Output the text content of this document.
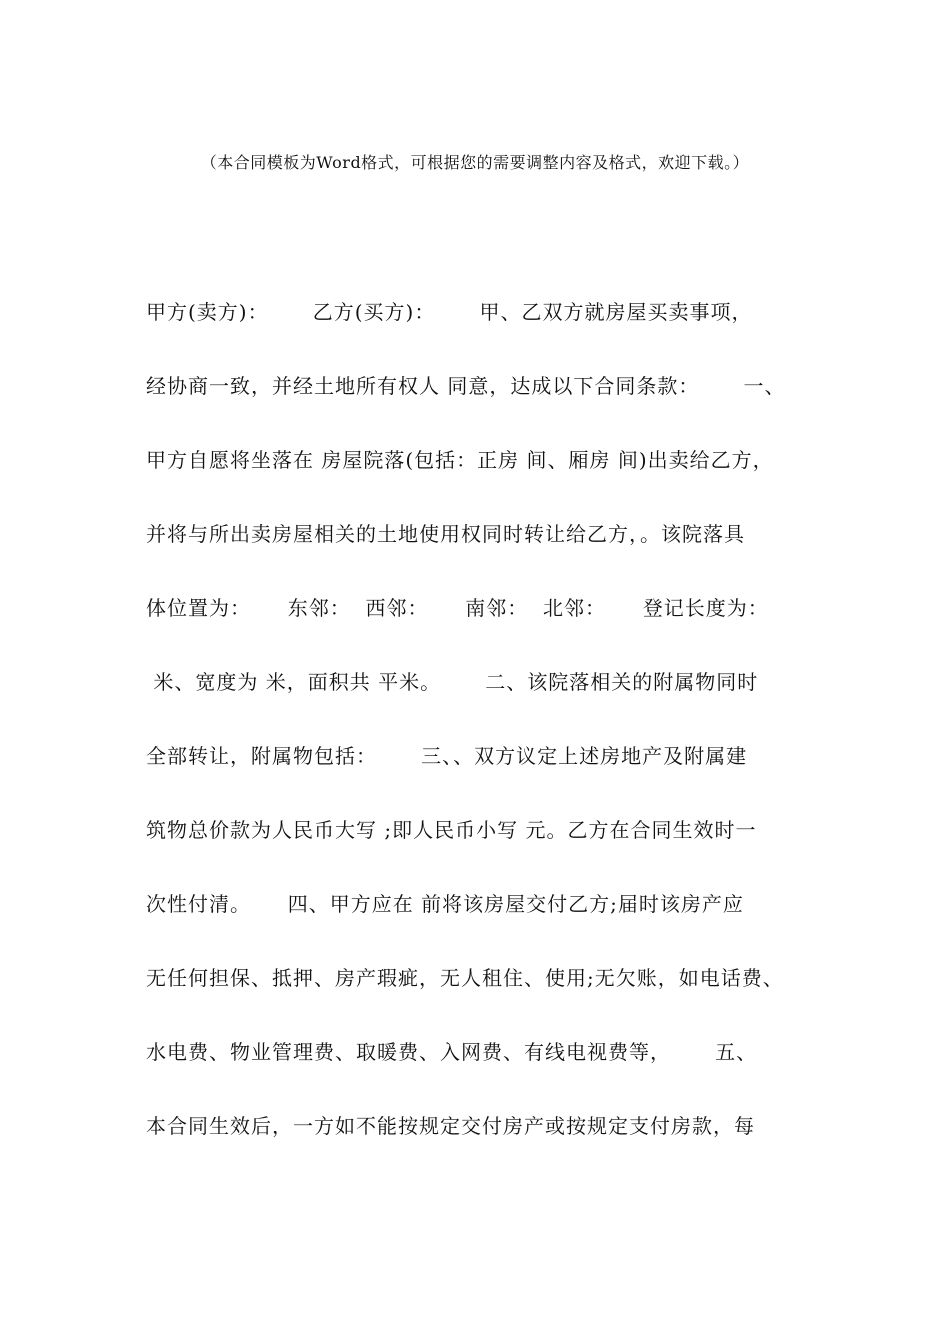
（本合同模板为Word格式，可根据您的需要调整内容及格式，欢迎下载。）
甲方(卖方)：      乙方(买方)：      甲、乙双方就房屋买卖事项，
经协商一致，并经土地所有权人 同意，达成以下合同条款：      一、
甲方自愿将坐落在 房屋院落(包括：正房 间、厢房 间)出卖给乙方，
并将与所出卖房屋相关的土地使用权同时转让给乙方，。该院落具
体位置为：     东邻：  西邻：     南邻：  北邻：     登记长度为：
米、宽度为 米，面积共 平米。      二、该院落相关的附属物同时
全部转让，附属物包括：      三、、双方议定上述房地产及附属建
筑物总价款为人民币大写 ;即人民币小写 元。乙方在合同生效时一
次性付清。     四、甲方应在 前将该房屋交付乙方;届时该房产应
无任何担保、抵押、房产瑕疵，无人租住、使用;无欠账，如电话费、
水电费、物业管理费、取暖费、入网费、有线电视费等，      五、
本合同生效后，一方如不能按规定交付房产或按规定支付房款，每
